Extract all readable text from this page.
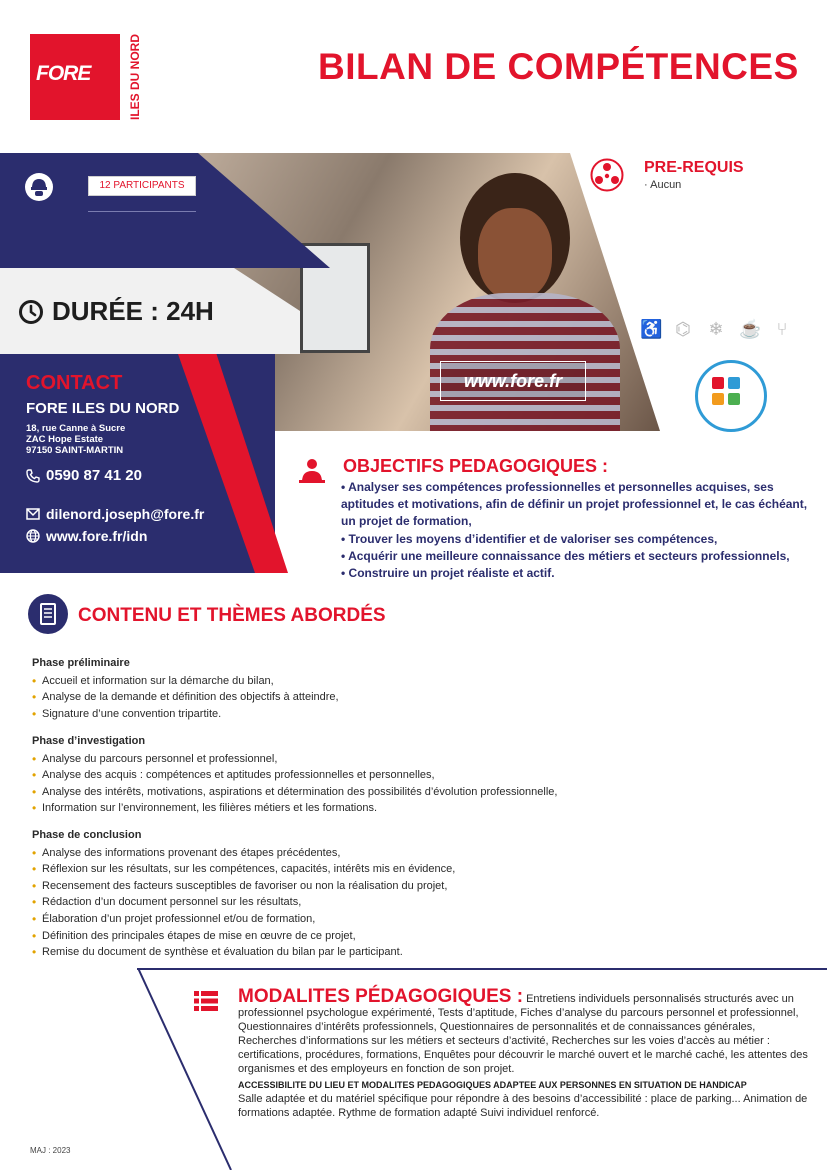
FORE	ILES DU NORD	BILAN DE COMPÉTENCES
12 PARTICIPANTS
DURÉE : 24H
CONTACT
FORE ILES DU NORD
18, rue Canne à Sucre
ZAC Hope Estate
97150 SAINT-MARTIN
0590 87 41 20
dilenord.joseph@fore.fr
www.fore.fr/idn
www.fore.fr
PRE-REQUIS
· Aucun
♿ ⌬ ❄ ☕ ⑂
OBJECTIFS PEDAGOGIQUES :
• Analyser ses compétences professionnelles et personnelles acquises, ses aptitudes et motivations, afin de définir un projet professionnel et, le cas échéant, un projet de formation,
• Trouver les moyens d’identifier et de valoriser ses compétences,
• Acquérir une meilleure connaissance des métiers et secteurs professionnels,
• Construire un projet réaliste et actif.
CONTENU ET THÈMES ABORDÉS
Phase préliminaire
• Accueil et information sur la démarche du bilan,
• Analyse de la demande et définition des objectifs à atteindre,
• Signature d’une convention tripartite.
Phase d’investigation
• Analyse du parcours personnel et professionnel,
• Analyse des acquis : compétences et aptitudes professionnelles et personnelles,
• Analyse des intérêts, motivations, aspirations et détermination des possibilités d’évolution professionnelle,
• Information sur l’environnement, les filières métiers et les formations.
Phase de conclusion
• Analyse des informations provenant des étapes précédentes,
• Réflexion sur les résultats, sur les compétences, capacités, intérêts mis en évidence,
• Recensement des facteurs susceptibles de favoriser ou non la réalisation du projet,
• Rédaction d’un document personnel sur les résultats,
• Élaboration d’un projet professionnel et/ou de formation,
• Définition des principales étapes de mise en œuvre de ce projet,
• Remise du document de synthèse et évaluation du bilan par le participant.

MODALITES PÉDAGOGIQUES : Entretiens individuels personnalisés structurés avec un professionnel psychologue expérimenté, Tests d’aptitude, Fiches d’analyse du parcours personnel et professionnel, Questionnaires d’intérêts professionnels, Questionnaires de personnalités et de connaissances générales, Recherches d’informations sur les métiers et secteurs d’activité, Recherches sur les voies d’accès au métier : certifications, procédures, formations, Enquêtes pour découvrir le marché ouvert et le marché caché, les attentes des organismes et des employeurs en fonction de son projet.

ACCESSIBILITE DU LIEU ET MODALITES PEDAGOGIQUES ADAPTEE AUX PERSONNES EN SITUATION DE HANDICAP
Salle adaptée et du matériel spécifique pour répondre à des besoins d’accessibilité : place de parking... Animation de formations adaptée. Rythme de formation adapté Suivi individuel renforcé.
MAJ : 2023
